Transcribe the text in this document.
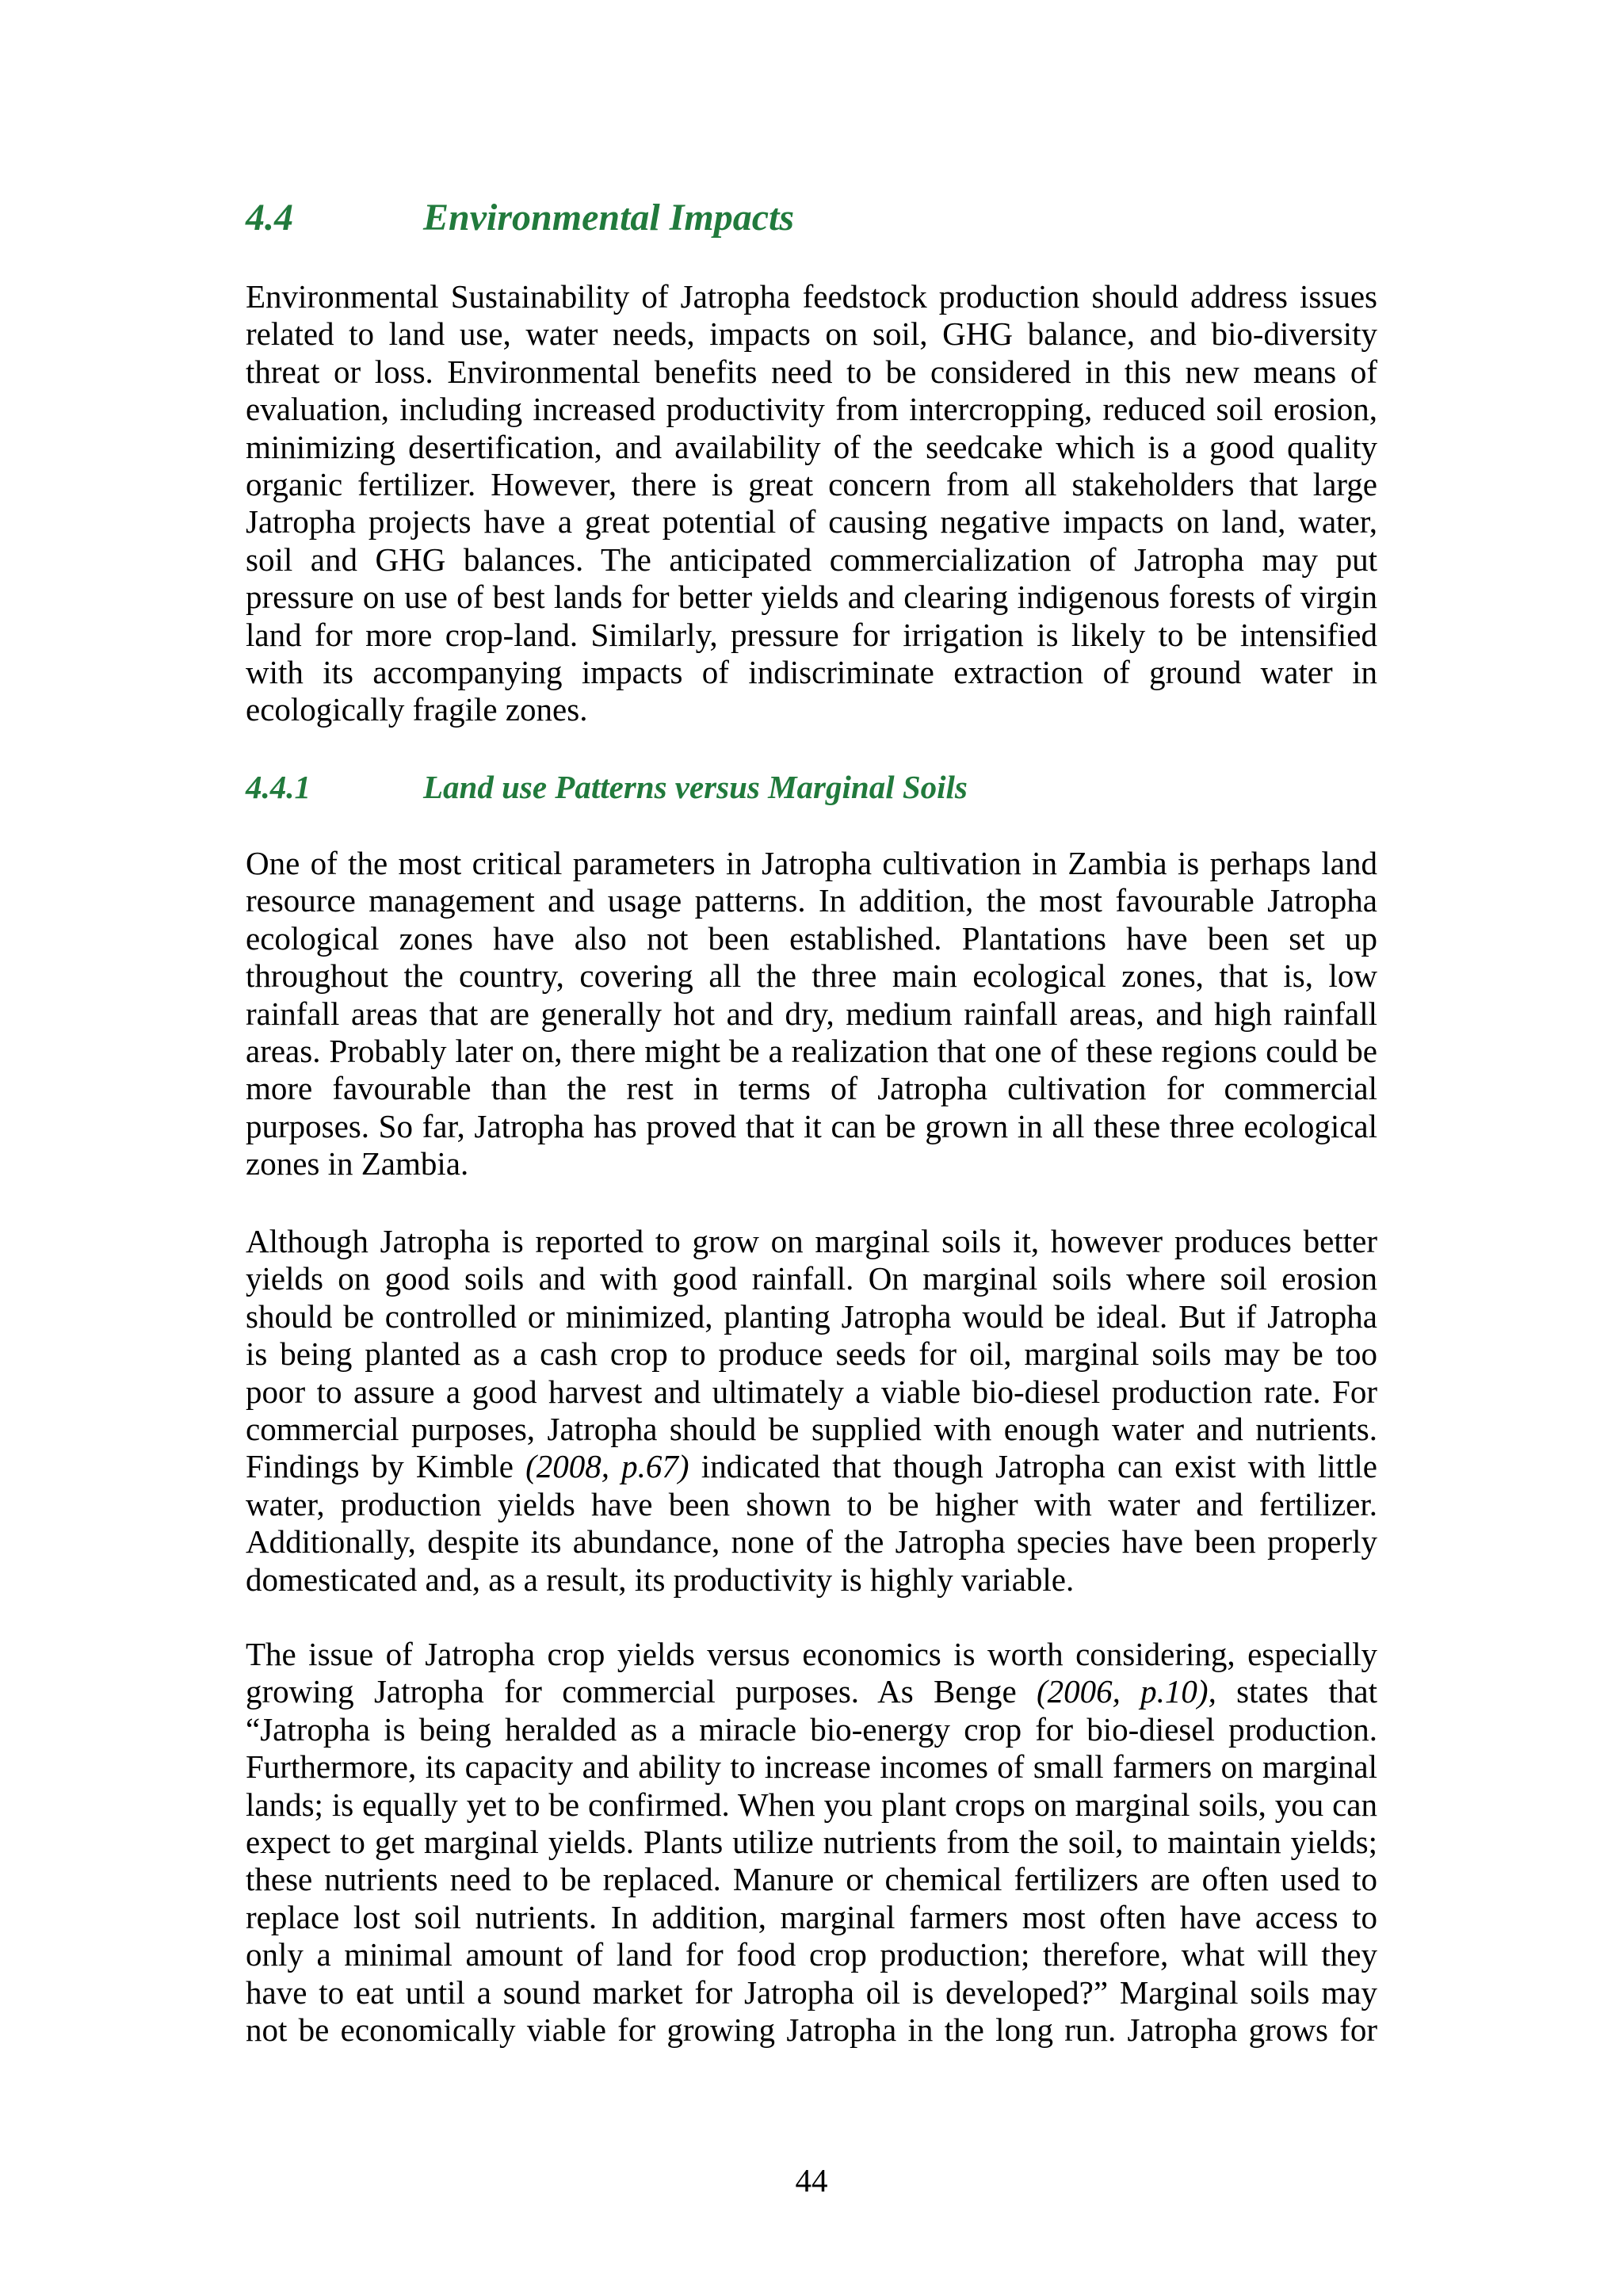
4.4	Environmental Impacts
Environmental Sustainability of Jatropha feedstock production should address issues
related to land use, water needs, impacts on soil, GHG balance, and bio-diversity
threat or loss. Environmental benefits need to be considered in this new means of
evaluation, including increased productivity from intercropping, reduced soil erosion,
minimizing desertification, and availability of the seedcake which is a good quality
organic fertilizer. However, there is great concern from all stakeholders that large
Jatropha projects have a great potential of causing negative impacts on land, water,
soil and GHG balances. The anticipated commercialization of Jatropha may put
pressure on use of best lands for better yields and clearing indigenous forests of virgin
land for more crop-land. Similarly, pressure for irrigation is likely to be intensified
with its accompanying impacts of indiscriminate extraction of ground water in
ecologically fragile zones.
4.4.1	Land use Patterns versus Marginal Soils
One of the most critical parameters in Jatropha cultivation in Zambia is perhaps land
resource management and usage patterns. In addition, the most favourable Jatropha
ecological zones have also not been established. Plantations have been set up
throughout the country, covering all the three main ecological zones, that is, low
rainfall areas that are generally hot and dry, medium rainfall areas, and high rainfall
areas. Probably later on, there might be a realization that one of these regions could be
more favourable than the rest in terms of Jatropha cultivation for commercial
purposes. So far, Jatropha has proved that it can be grown in all these three ecological
zones in Zambia.
Although Jatropha is reported to grow on marginal soils it, however produces better
yields on good soils and with good rainfall. On marginal soils where soil erosion
should be controlled or minimized, planting Jatropha would be ideal. But if Jatropha
is being planted as a cash crop to produce seeds for oil, marginal soils may be too
poor to assure a good harvest and ultimately a viable bio-diesel production rate. For
commercial purposes, Jatropha should be supplied with enough water and nutrients.
Findings by Kimble (2008, p.67) indicated that though Jatropha can exist with little
water, production yields have been shown to be higher with water and fertilizer.
Additionally, despite its abundance, none of the Jatropha species have been properly
domesticated and, as a result, its productivity is highly variable.
The issue of Jatropha crop yields versus economics is worth considering, especially
growing Jatropha for commercial purposes. As Benge (2006, p.10), states that
“Jatropha is being heralded as a miracle bio-energy crop for bio-diesel production.
Furthermore, its capacity and ability to increase incomes of small farmers on marginal
lands; is equally yet to be confirmed. When you plant crops on marginal soils, you can
expect to get marginal yields. Plants utilize nutrients from the soil, to maintain yields;
these nutrients need to be replaced. Manure or chemical fertilizers are often used to
replace lost soil nutrients. In addition, marginal farmers most often have access to
only a minimal amount of land for food crop production; therefore, what will they
have to eat until a sound market for Jatropha oil is developed?” Marginal soils may
not be economically viable for growing Jatropha in the long run. Jatropha grows for
44
